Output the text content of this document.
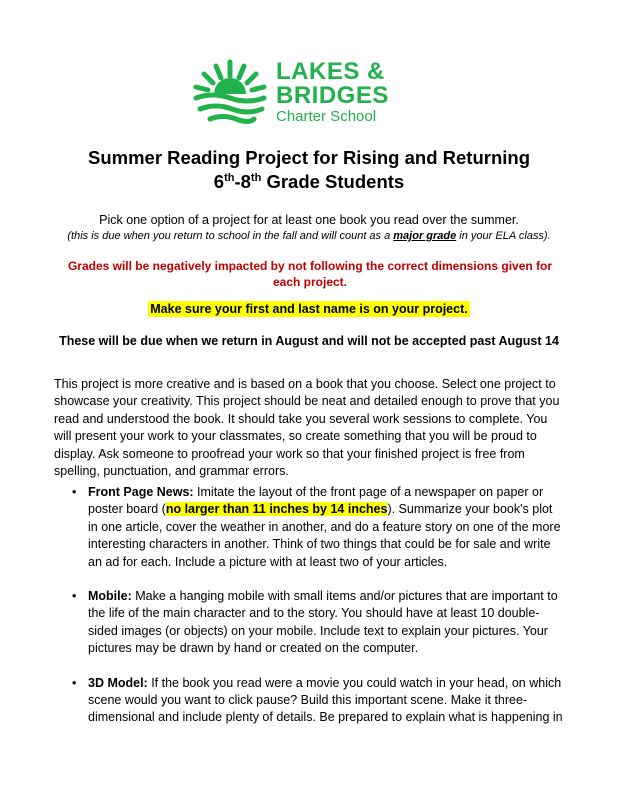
LAKES &
BRIDGES
Charter School
Summer Reading Project for Rising and Returning
6th-8th Grade Students
Pick one option of a project for at least one book you read over the summer.
(this is due when you return to school in the fall and will count as a major grade in your ELA class).
Grades will be negatively impacted by not following the correct dimensions given for each project.
Make sure your first and last name is on your project.
These will be due when we return in August and will not be accepted past August 14
This project is more creative and is based on a book that you choose. Select one project to showcase your creativity. This project should be neat and detailed enough to prove that you read and understood the book. It should take you several work sessions to complete. You will present your work to your classmates, so create something that you will be proud to display. Ask someone to proofread your work so that your finished project is free from spelling, punctuation, and grammar errors.
• Front Page News: Imitate the layout of the front page of a newspaper on paper or poster board (no larger than 11 inches by 14 inches). Summarize your book's plot in one article, cover the weather in another, and do a feature story on one of the more interesting characters in another. Think of two things that could be for sale and write an ad for each. Include a picture with at least two of your articles.
• Mobile: Make a hanging mobile with small items and/or pictures that are important to the life of the main character and to the story. You should have at least 10 double-sided images (or objects) on your mobile. Include text to explain your pictures. Your pictures may be drawn by hand or created on the computer.
• 3D Model: If the book you read were a movie you could watch in your head, on which scene would you want to click pause? Build this important scene. Make it three-dimensional and include plenty of details. Be prepared to explain what is happening in
